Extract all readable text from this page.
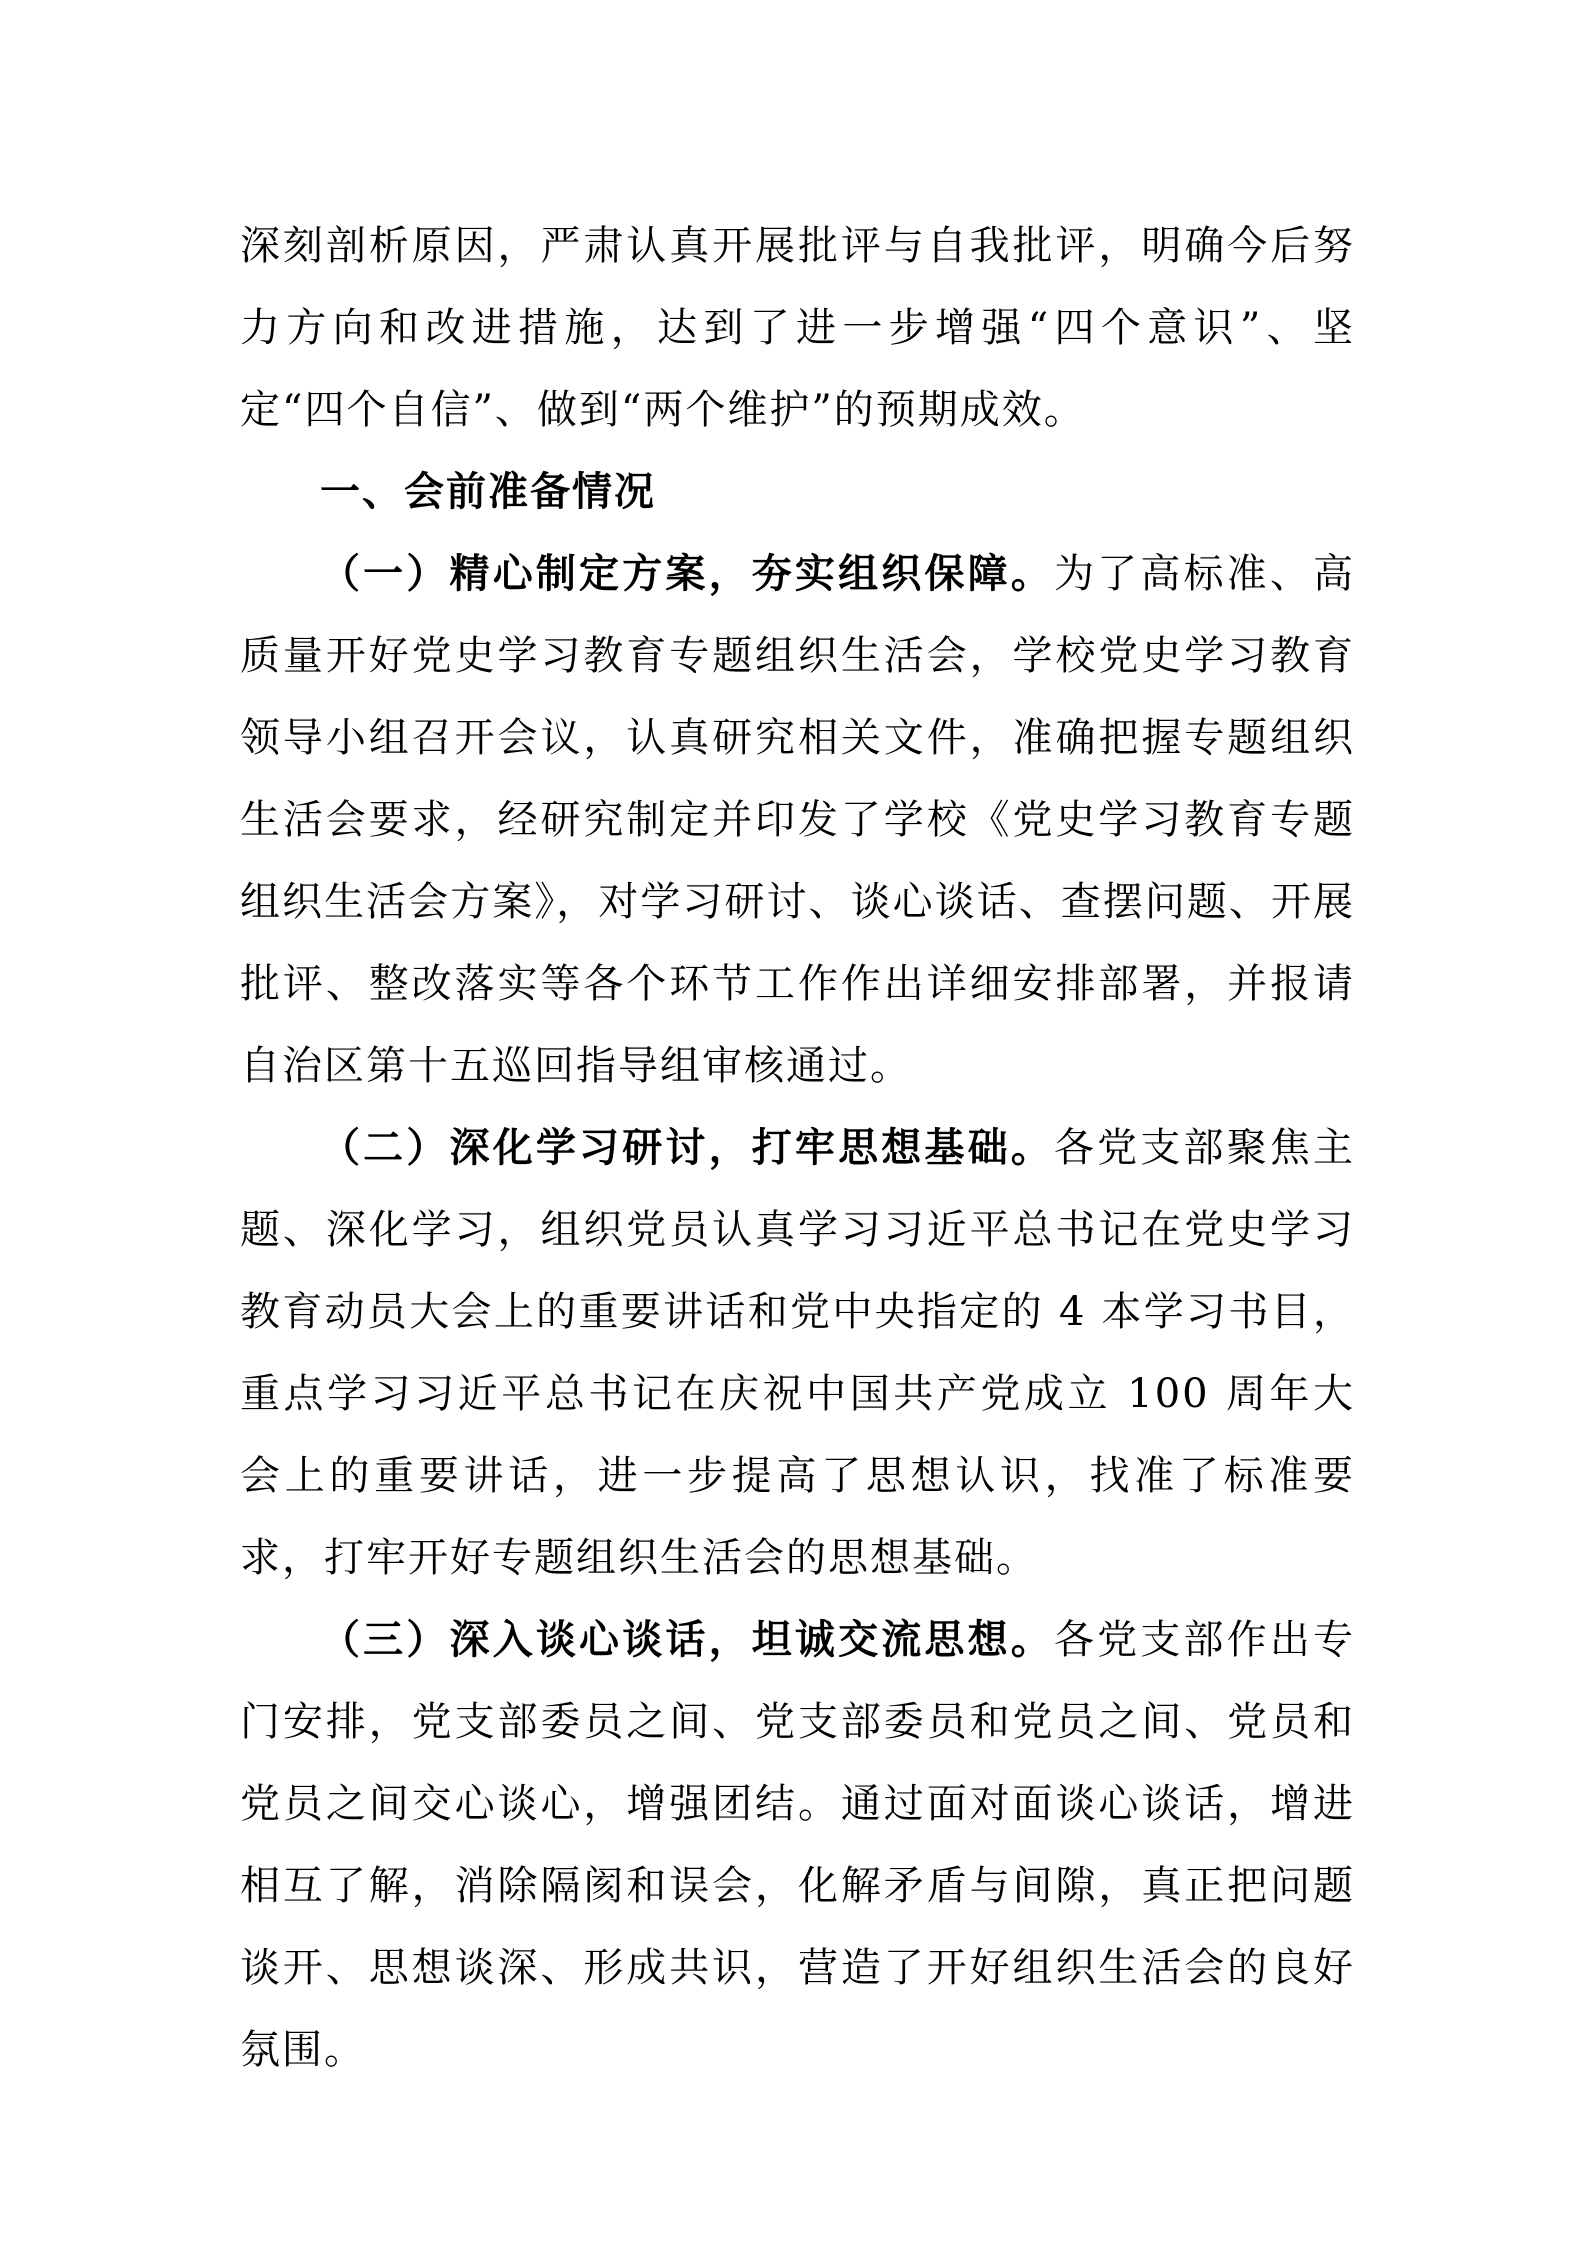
深刻剖析原因，严肃认真开展批评与自我批评，明确今后努力方向和改进措施，达到了进一步增强“四个意识”、坚定“四个自信”、做到“两个维护”的预期成效。

一、会前准备情况

（一）精心制定方案，夯实组织保障。为了高标准、高质量开好党史学习教育专题组织生活会，学校党史学习教育领导小组召开会议，认真研究相关文件，准确把握专题组织生活会要求，经研究制定并印发了学校《党史学习教育专题组织生活会方案》，对学习研讨、谈心谈话、查摆问题、开展批评、整改落实等各个环节工作作出详细安排部署，并报请自治区第十五巡回指导组审核通过。

（二）深化学习研讨，打牢思想基础。各党支部聚焦主题、深化学习，组织党员认真学习习近平总书记在党史学习教育动员大会上的重要讲话和党中央指定的 4 本学习书目，重点学习习近平总书记在庆祝中国共产党成立 100 周年大会上的重要讲话，进一步提高了思想认识，找准了标准要求，打牢开好专题组织生活会的思想基础。

（三）深入谈心谈话，坦诚交流思想。各党支部作出专门安排，党支部委员之间、党支部委员和党员之间、党员和党员之间交心谈心，增强团结。通过面对面谈心谈话，增进相互了解，消除隔阂和误会，化解矛盾与间隙，真正把问题谈开、思想谈深、形成共识，营造了开好组织生活会的良好氛围。
